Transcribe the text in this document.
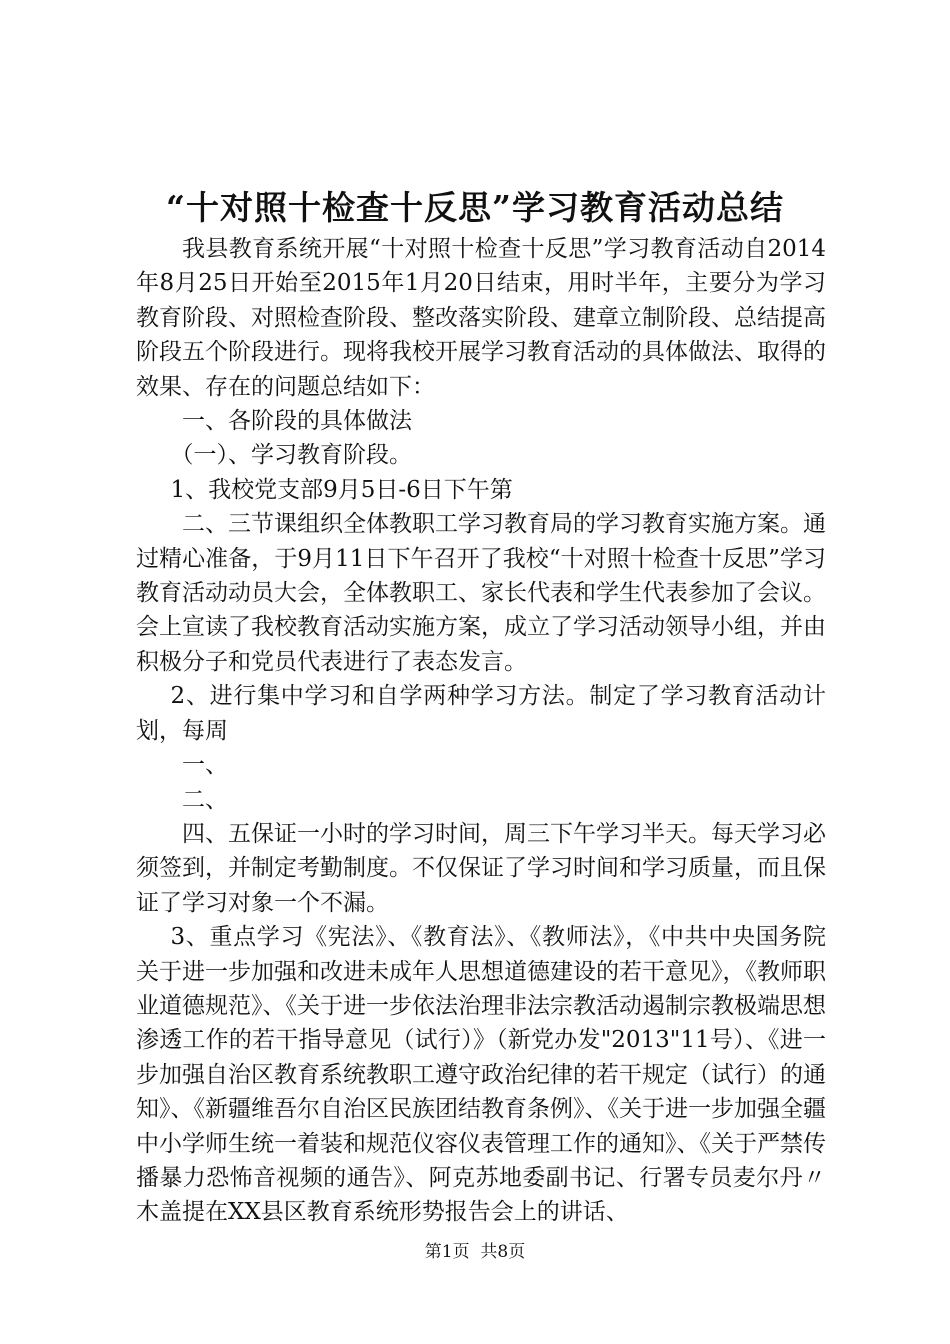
“十对照十检查十反思”学习教育活动总结

我县教育系统开展“十对照十检查十反思”学习教育活动自2014年8月25日开始至2015年1月20日结束，用时半年，主要分为学习教育阶段、对照检查阶段、整改落实阶段、建章立制阶段、总结提高阶段五个阶段进行。现将我校开展学习教育活动的具体做法、取得的效果、存在的问题总结如下：

一、各阶段的具体做法

（一）、学习教育阶段。

1、我校党支部9月5日-6日下午第

二、三节课组织全体教职工学习教育局的学习教育实施方案。通过精心准备，于9月11日下午召开了我校“十对照十检查十反思”学习教育活动动员大会，全体教职工、家长代表和学生代表参加了会议。会上宣读了我校教育活动实施方案，成立了学习活动领导小组，并由积极分子和党员代表进行了表态发言。

2、进行集中学习和自学两种学习方法。制定了学习教育活动计划，每周

一、

二、

四、五保证一小时的学习时间，周三下午学习半天。每天学习必须签到，并制定考勤制度。不仅保证了学习时间和学习质量，而且保证了学习对象一个不漏。

3、重点学习《宪法》、《教育法》、《教师法》，《中共中央国务院关于进一步加强和改进未成年人思想道德建设的若干意见》，《教师职业道德规范》、《关于进一步依法治理非法宗教活动遏制宗教极端思想渗透工作的若干指导意见（试行）》（新党办发"2013"11号）、《进一步加强自治区教育系统教职工遵守政治纪律的若干规定（试行）的通知》、《新疆维吾尔自治区民族团结教育条例》、《关于进一步加强全疆中小学师生统一着装和规范仪容仪表管理工作的通知》、《关于严禁传播暴力恐怖音视频的通告》、阿克苏地委副书记、行署专员麦尔丹〃木盖提在XX县区教育系统形势报告会上的讲话、

第1页 共8页
